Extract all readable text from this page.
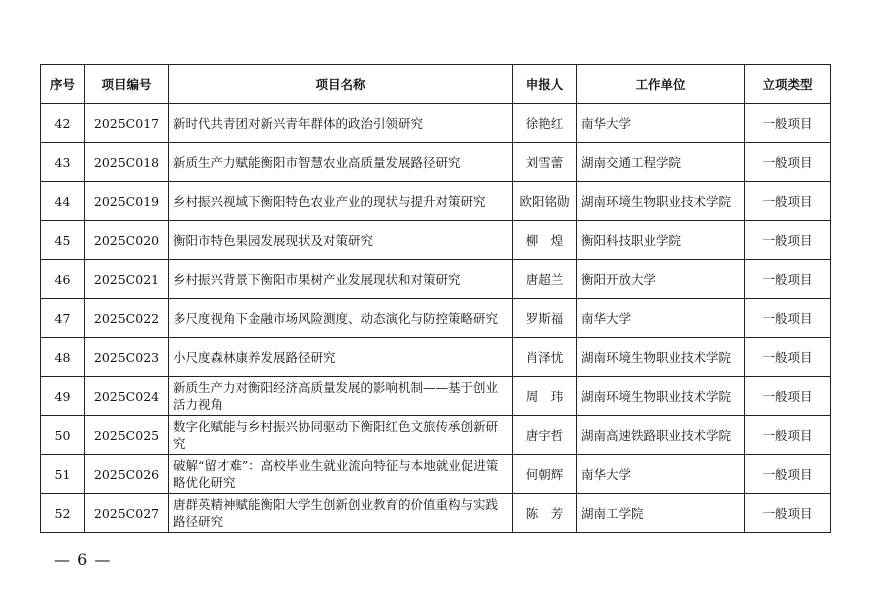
序号	项目编号	项目名称	申报人	工作单位	立项类型
42	2025C017	新时代共青团对新兴青年群体的政治引领研究	徐艳红	南华大学	一般项目
43	2025C018	新质生产力赋能衡阳市智慧农业高质量发展路径研究	刘雪蕾	湖南交通工程学院	一般项目
44	2025C019	乡村振兴视域下衡阳特色农业产业的现状与提升对策研究	欧阳铭勋	湖南环境生物职业技术学院	一般项目
45	2025C020	衡阳市特色果园发展现状及对策研究	柳　煌	衡阳科技职业学院	一般项目
46	2025C021	乡村振兴背景下衡阳市果树产业发展现状和对策研究	唐超兰	衡阳开放大学	一般项目
47	2025C022	多尺度视角下金融市场风险测度、动态演化与防控策略研究	罗斯福	南华大学	一般项目
48	2025C023	小尺度森林康养发展路径研究	肖泽忧	湖南环境生物职业技术学院	一般项目
49	2025C024	新质生产力对衡阳经济高质量发展的影响机制——基于创业活力视角	周　玮	湖南环境生物职业技术学院	一般项目
50	2025C025	数字化赋能与乡村振兴协同驱动下衡阳红色文旅传承创新研究	唐宇哲	湖南高速铁路职业技术学院	一般项目
51	2025C026	破解“留才难”：高校毕业生就业流向特征与本地就业促进策略优化研究	何朝辉	南华大学	一般项目
52	2025C027	唐群英精神赋能衡阳大学生创新创业教育的价值重构与实践路径研究	陈　芳	湖南工学院	一般项目
— 6 —
